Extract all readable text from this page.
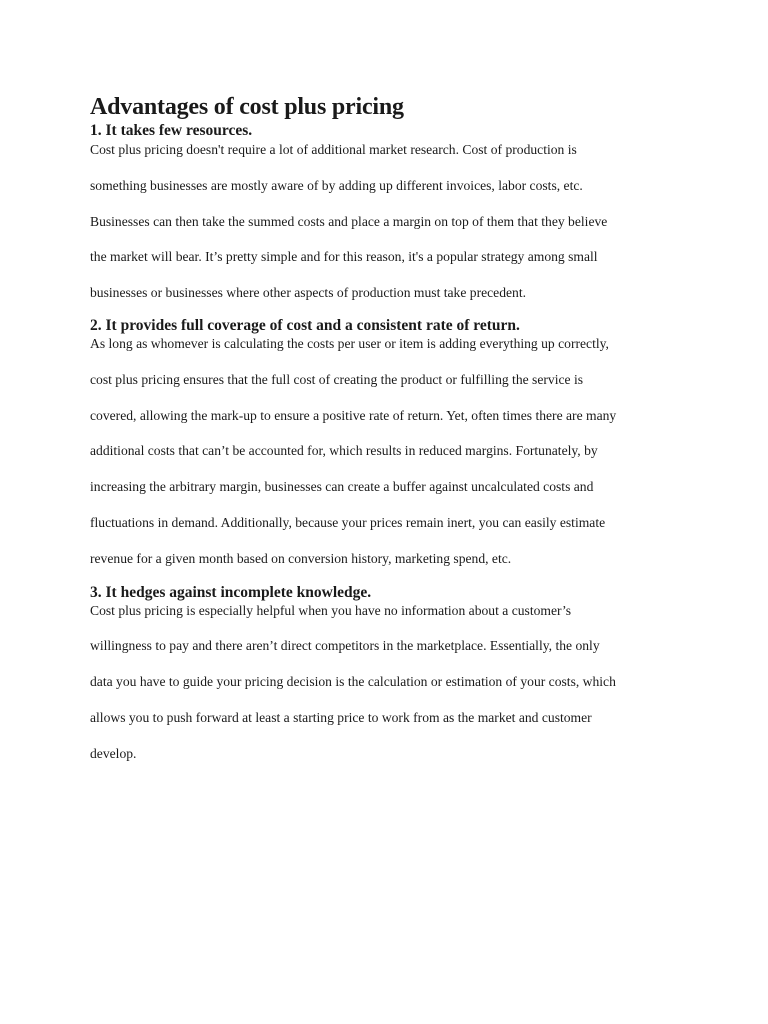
Advantages of cost plus pricing
1. It takes few resources.

Cost plus pricing doesn't require a lot of additional market research. Cost of production is
something businesses are mostly aware of by adding up different invoices, labor costs, etc.
Businesses can then take the summed costs and place a margin on top of them that they believe
the market will bear. It’s pretty simple and for this reason, it's a popular strategy among small
businesses or businesses where other aspects of production must take precedent.

2. It provides full coverage of cost and a consistent rate of return.

As long as whomever is calculating the costs per user or item is adding everything up correctly,
cost plus pricing ensures that the full cost of creating the product or fulfilling the service is
covered, allowing the mark-up to ensure a positive rate of return. Yet, often times there are many
additional costs that can’t be accounted for, which results in reduced margins. Fortunately, by
increasing the arbitrary margin, businesses can create a buffer against uncalculated costs and
fluctuations in demand. Additionally, because your prices remain inert, you can easily estimate
revenue for a given month based on conversion history, marketing spend, etc.

3. It hedges against incomplete knowledge.

Cost plus pricing is especially helpful when you have no information about a customer’s
willingness to pay and there aren’t direct competitors in the marketplace. Essentially, the only
data you have to guide your pricing decision is the calculation or estimation of your costs, which
allows you to push forward at least a starting price to work from as the market and customer
develop.
